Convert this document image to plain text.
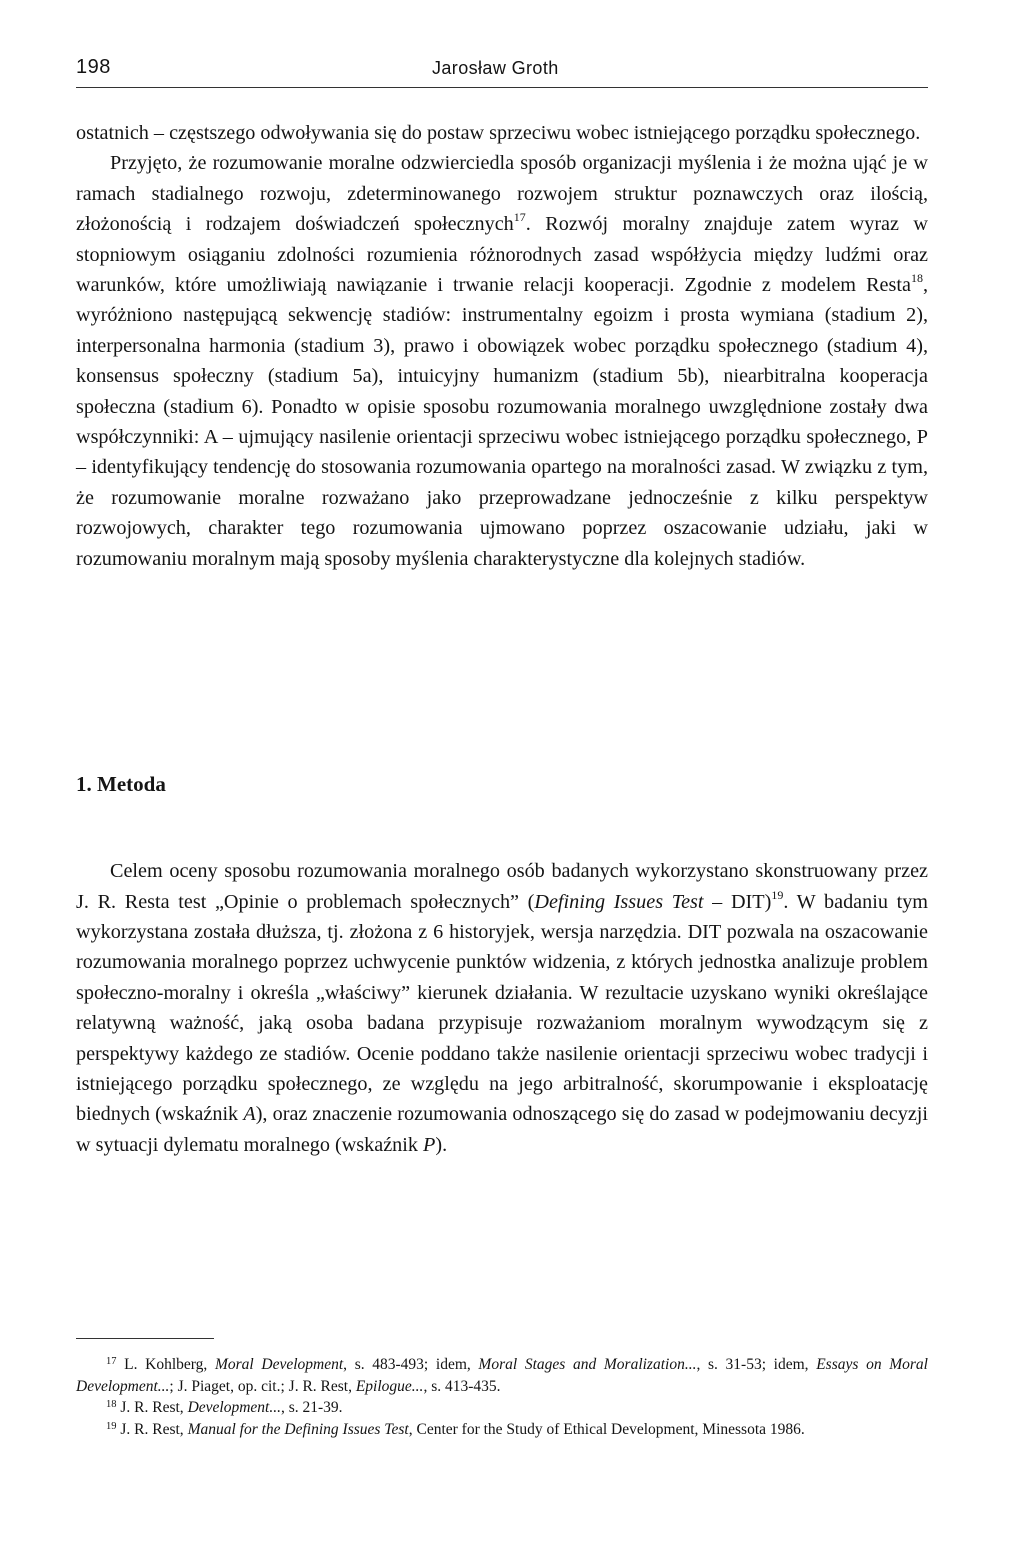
198	Jarosław Groth

ostatnich – częstszego odwoływania się do postaw sprzeciwu wobec istniejącego porządku społecznego.

Przyjęto, że rozumowanie moralne odzwierciedla sposób organizacji myślenia i że można ująć je w ramach stadialnego rozwoju, zdeterminowanego rozwojem struktur poznawczych oraz ilością, złożonością i rodzajem doświadczeń społecznych$^{17}$. Rozwój moralny znajduje zatem wyraz w stopniowym osiąganiu zdolności rozumienia różnorodnych zasad współżycia między ludźmi oraz warunków, które umożliwiają nawiązanie i trwanie relacji kooperacji. Zgodnie z modelem Resta$^{18}$, wyróżniono następującą sekwencję stadiów: instrumentalny egoizm i prosta wymiana (stadium 2), interpersonalna harmonia (stadium 3), prawo i obowiązek wobec porządku społecznego (stadium 4), konsensus społeczny (stadium 5a), intuicyjny humanizm (stadium 5b), niearbitralna kooperacja społeczna (stadium 6). Ponadto w opisie sposobu rozumowania moralnego uwzględnione zostały dwa współczynniki: A – ujmujący nasilenie orientacji sprzeciwu wobec istniejącego porządku społecznego, P – identyfikujący tendencję do stosowania rozumowania opartego na moralności zasad. W związku z tym, że rozumowanie moralne rozważano jako przeprowadzane jednocześnie z kilku perspektyw rozwojowych, charakter tego rozumowania ujmowano poprzez oszacowanie udziału, jaki w rozumowaniu moralnym mają sposoby myślenia charakterystyczne dla kolejnych stadiów.

1. Metoda

Celem oceny sposobu rozumowania moralnego osób badanych wykorzystano skonstruowany przez J. R. Resta test „Opinie o problemach społecznych” (Defining Issues Test – DIT)$^{19}$. W badaniu tym wykorzystana została dłuższa, tj. złożona z 6 historyjek, wersja narzędzia. DIT pozwala na oszacowanie rozumowania moralnego poprzez uchwycenie punktów widzenia, z których jednostka analizuje problem społeczno-moralny i określa „właściwy” kierunek działania. W rezultacie uzyskano wyniki określające relatywną ważność, jaką osoba badana przypisuje rozważaniom moralnym wywodzącym się z perspektywy każdego ze stadiów. Ocenie poddano także nasilenie orientacji sprzeciwu wobec tradycji i istniejącego porządku społecznego, ze względu na jego arbitralność, skorumpowanie i eksploatację biednych (wskaźnik A), oraz znaczenie rozumowania odnoszącego się do zasad w podejmowaniu decyzji w sytuacji dylematu moralnego (wskaźnik P).

$^{17}$ L. Kohlberg, Moral Development, s. 483-493; idem, Moral Stages and Moralization..., s. 31-53; idem, Essays on Moral Development...; J. Piaget, op. cit.; J. R. Rest, Epilogue..., s. 413-435.

$^{18}$ J. R. Rest, Development..., s. 21-39.

$^{19}$ J. R. Rest, Manual for the Defining Issues Test, Center for the Study of Ethical Development, Minessota 1986.
